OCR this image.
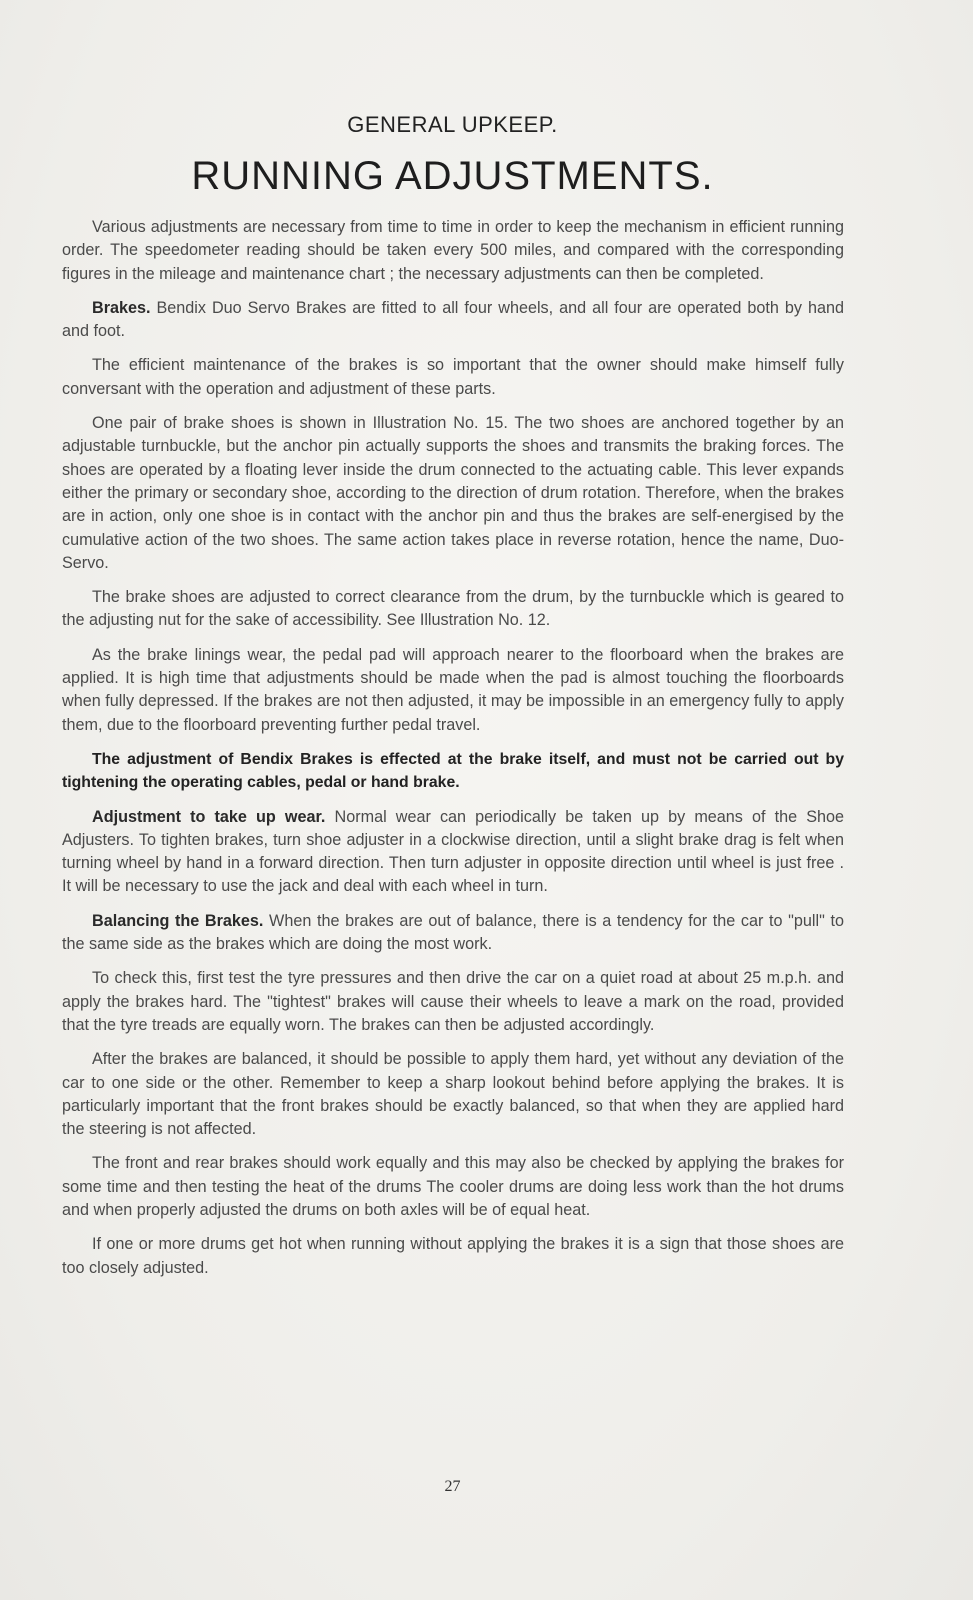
GENERAL UPKEEP.
RUNNING ADJUSTMENTS.

Various adjustments are necessary from time to time in order to keep the mechanism in efficient running order. The speedometer reading should be taken every 500 miles, and compared with the corresponding figures in the mileage and maintenance chart ; the necessary adjustments can then be completed.

Brakes. Bendix Duo Servo Brakes are fitted to all four wheels, and all four are operated both by hand and foot.

The efficient maintenance of the brakes is so important that the owner should make himself fully conversant with the operation and adjustment of these parts.

One pair of brake shoes is shown in Illustration No. 15. The two shoes are anchored together by an adjustable turnbuckle, but the anchor pin actually supports the shoes and transmits the braking forces. The shoes are operated by a floating lever inside the drum connected to the actuating cable. This lever expands either the primary or secondary shoe, according to the direction of drum rotation. Therefore, when the brakes are in action, only one shoe is in contact with the anchor pin and thus the brakes are self-energised by the cumulative action of the two shoes. The same action takes place in reverse rotation, hence the name, Duo-Servo.

The brake shoes are adjusted to correct clearance from the drum, by the turnbuckle which is geared to the adjusting nut for the sake of accessibility. See Illustration No. 12.

As the brake linings wear, the pedal pad will approach nearer to the floorboard when the brakes are applied. It is high time that adjustments should be made when the pad is almost touching the floorboards when fully depressed. If the brakes are not then adjusted, it may be impossible in an emergency fully to apply them, due to the floorboard preventing further pedal travel.

The adjustment of Bendix Brakes is effected at the brake itself, and must not be carried out by tightening the operating cables, pedal or hand brake.

Adjustment to take up wear. Normal wear can periodically be taken up by means of the Shoe Adjusters. To tighten brakes, turn shoe adjuster in a clockwise direction, until a slight brake drag is felt when turning wheel by hand in a forward direction. Then turn adjuster in opposite direction until wheel is just free . It will be necessary to use the jack and deal with each wheel in turn.

Balancing the Brakes. When the brakes are out of balance, there is a tendency for the car to "pull" to the same side as the brakes which are doing the most work.

To check this, first test the tyre pressures and then drive the car on a quiet road at about 25 m.p.h. and apply the brakes hard. The "tightest" brakes will cause their wheels to leave a mark on the road, provided that the tyre treads are equally worn. The brakes can then be adjusted accordingly.

After the brakes are balanced, it should be possible to apply them hard, yet without any deviation of the car to one side or the other. Remember to keep a sharp lookout behind before applying the brakes. It is particularly important that the front brakes should be exactly balanced, so that when they are applied hard the steering is not affected.

The front and rear brakes should work equally and this may also be checked by applying the brakes for some time and then testing the heat of the drums The cooler drums are doing less work than the hot drums and when properly adjusted the drums on both axles will be of equal heat.

If one or more drums get hot when running without applying the brakes it is a sign that those shoes are too closely adjusted.

27
